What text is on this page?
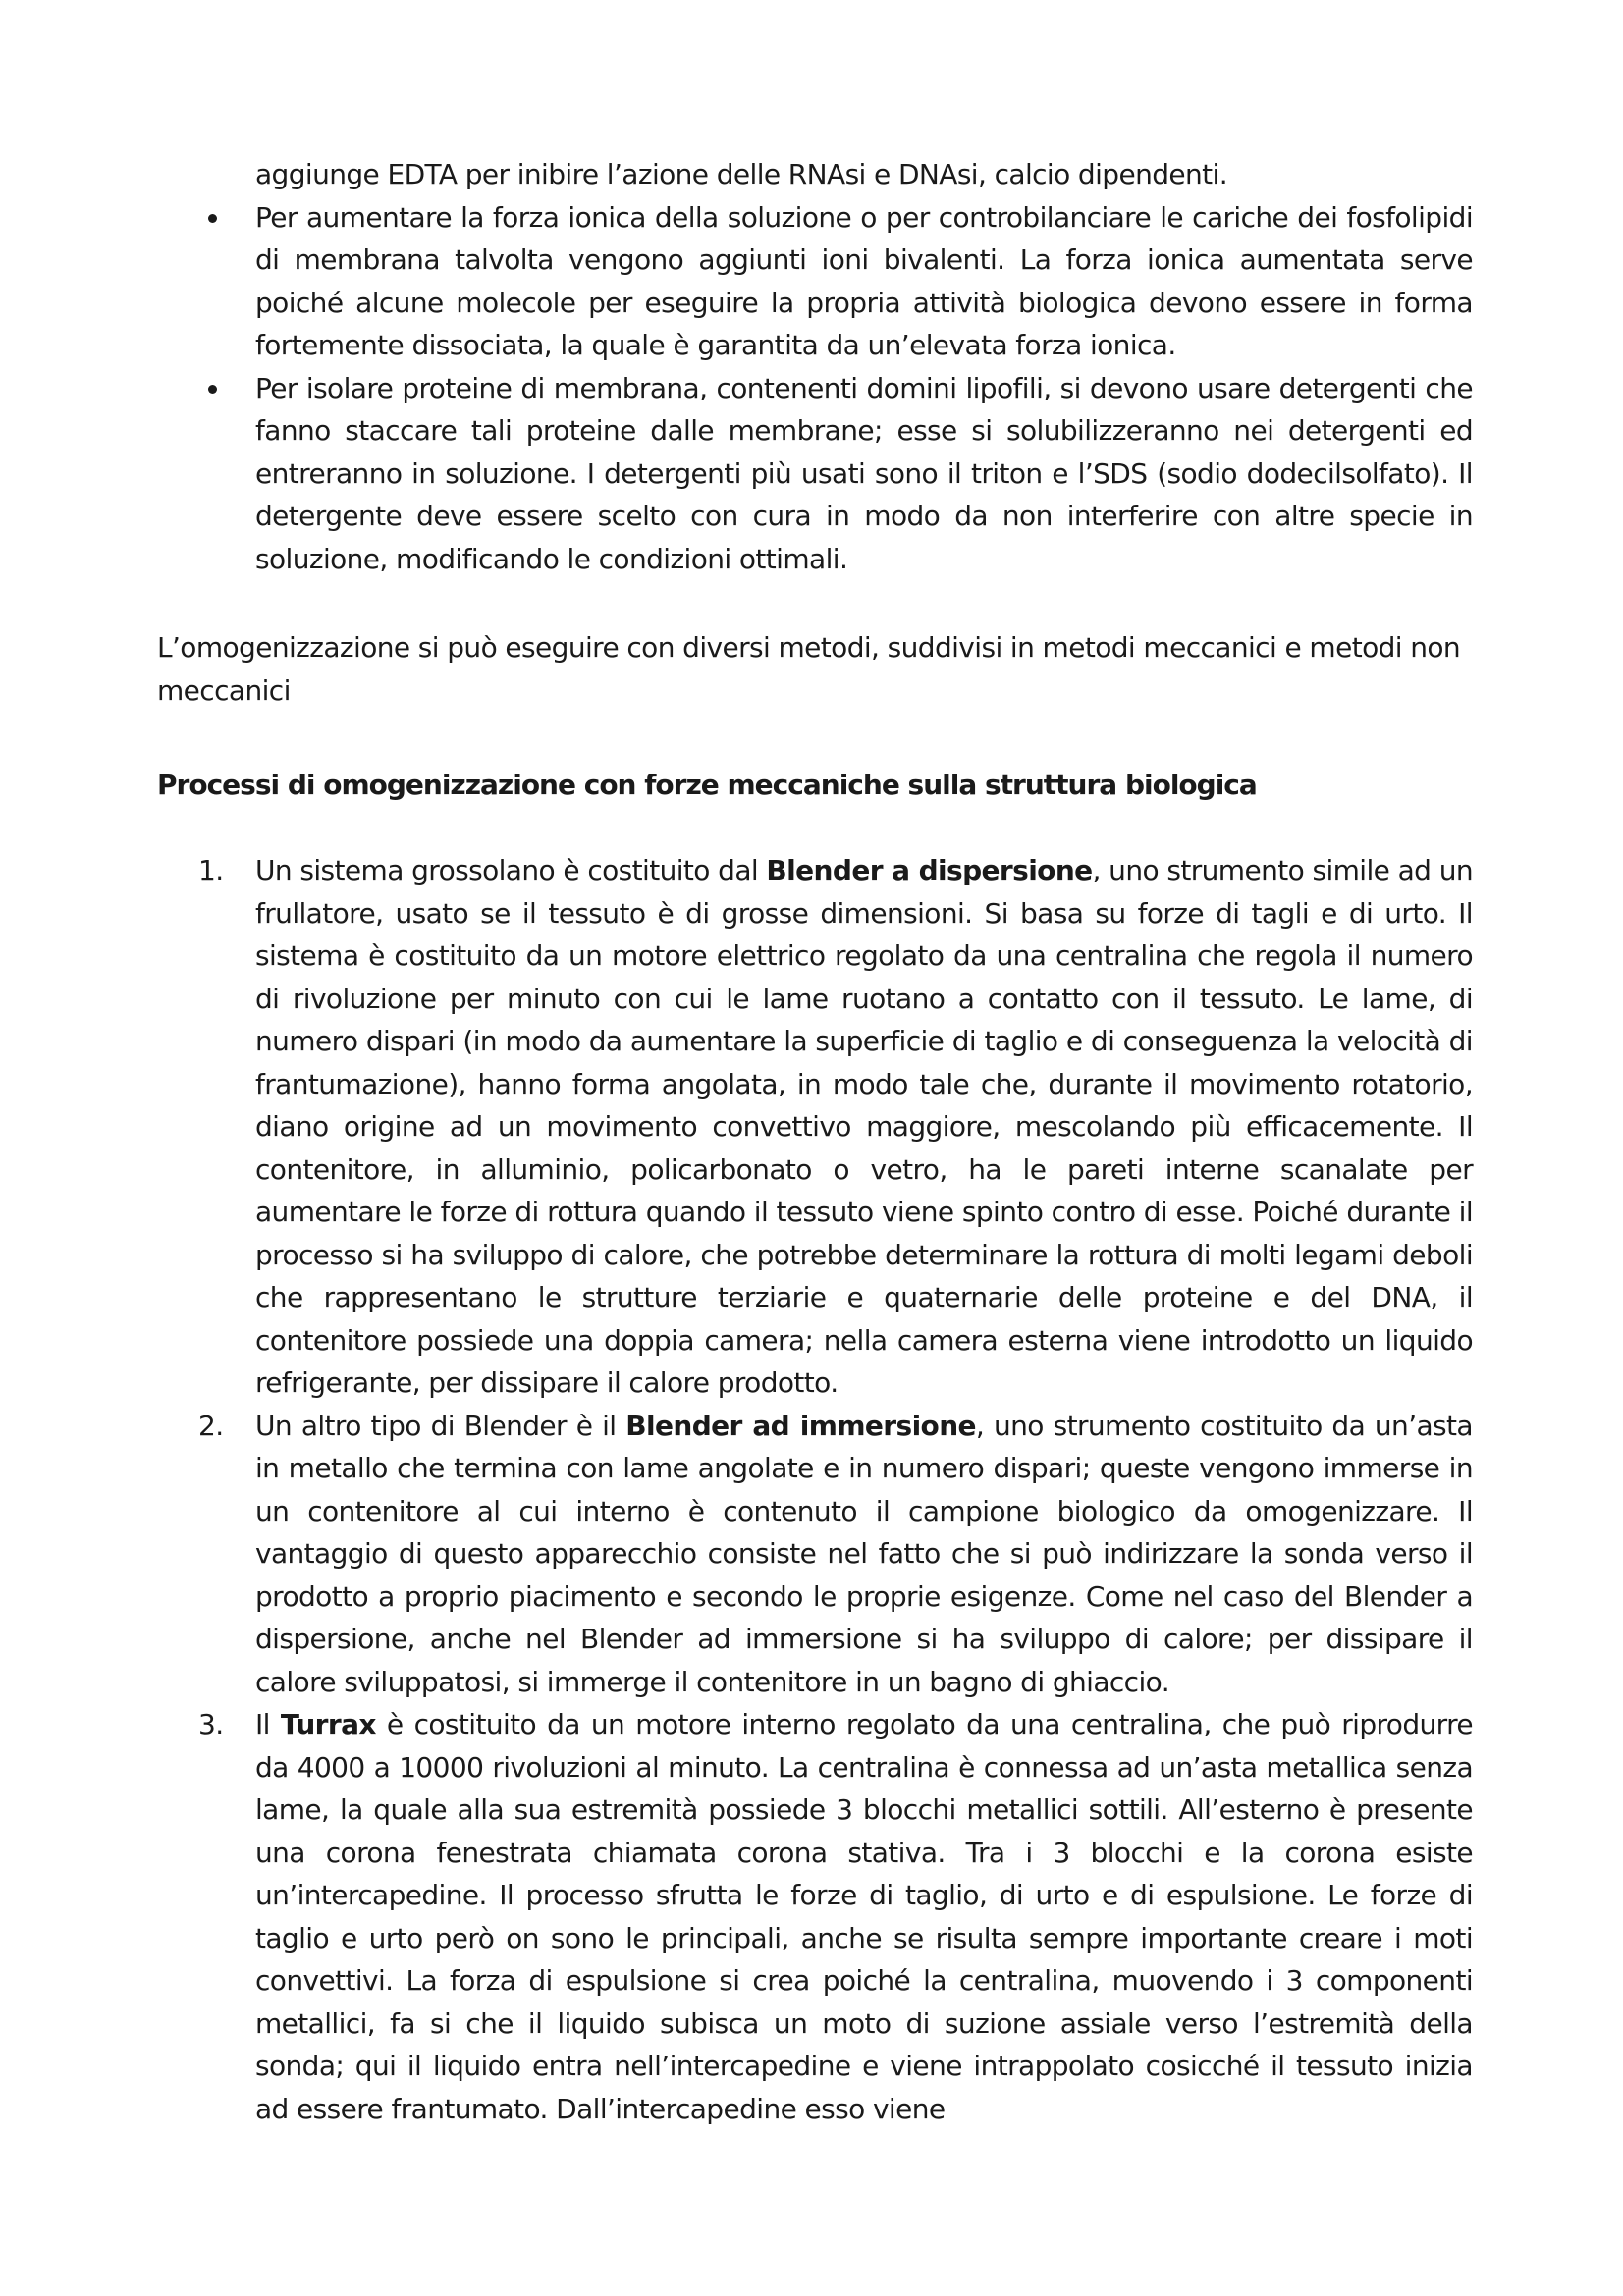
aggiunge EDTA per inibire l’azione delle RNAsi e DNAsi, calcio dipendenti.
Per aumentare la forza ionica della soluzione o per controbilanciare le cariche dei fosfolipidi di membrana talvolta vengono aggiunti ioni bivalenti. La forza ionica aumentata serve poiché alcune molecole per eseguire la propria attività biologica devono essere in forma fortemente dissociata, la quale è garantita da un’elevata forza ionica.
Per isolare proteine di membrana, contenenti domini lipofili, si devono usare detergenti che fanno staccare tali proteine dalle membrane; esse si solubilizzeranno nei detergenti ed entreranno in soluzione. I detergenti più usati sono il triton e l’SDS (sodio dodecilsolfato). Il detergente deve essere scelto con cura in modo da non interferire con altre specie in soluzione, modificando le condizioni ottimali.
L’omogenizzazione si può eseguire con diversi metodi, suddivisi in metodi meccanici e metodi non meccanici
Processi di omogenizzazione con forze meccaniche sulla struttura biologica
1. Un sistema grossolano è costituito dal Blender a dispersione, uno strumento simile ad un frullatore, usato se il tessuto è di grosse dimensioni. Si basa su forze di tagli e di urto. Il sistema è costituito da un motore elettrico regolato da una centralina che regola il numero di rivoluzione per minuto con cui le lame ruotano a contatto con il tessuto. Le lame, di numero dispari (in modo da aumentare la superficie di taglio e di conseguenza la velocità di frantumazione), hanno forma angolata, in modo tale che, durante il movimento rotatorio, diano origine ad un movimento convettivo maggiore, mescolando più efficacemente. Il contenitore, in alluminio, policarbonato o vetro, ha le pareti interne scanalate per aumentare le forze di rottura quando il tessuto viene spinto contro di esse. Poiché durante il processo si ha sviluppo di calore, che potrebbe determinare la rottura di molti legami deboli che rappresentano le strutture terziarie e quaternarie delle proteine e del DNA, il contenitore possiede una doppia camera; nella camera esterna viene introdotto un liquido refrigerante, per dissipare il calore prodotto.
2. Un altro tipo di Blender è il Blender ad immersione, uno strumento costituito da un’asta in metallo che termina con lame angolate e in numero dispari; queste vengono immerse in un contenitore al cui interno è contenuto il campione biologico da omogenizzare. Il vantaggio di questo apparecchio consiste nel fatto che si può indirizzare la sonda verso il prodotto a proprio piacimento e secondo le proprie esigenze. Come nel caso del Blender a dispersione, anche nel Blender ad immersione si ha sviluppo di calore; per dissipare il calore sviluppatosi, si immerge il contenitore in un bagno di ghiaccio.
3. Il Turrax è costituito da un motore interno regolato da una centralina, che può riprodurre da 4000 a 10000 rivoluzioni al minuto. La centralina è connessa ad un’asta metallica senza lame, la quale alla sua estremità possiede 3 blocchi metallici sottili. All’esterno è presente una corona fenestrata chiamata corona stativa. Tra i 3 blocchi e la corona esiste un’intercapedine. Il processo sfrutta le forze di taglio, di urto e di espulsione. Le forze di taglio e urto però on sono le principali, anche se risulta sempre importante creare i moti convettivi. La forza di espulsione si crea poiché la centralina, muovendo i 3 componenti metallici, fa si che il liquido subisca un moto di suzione assiale verso l’estremità della sonda; qui il liquido entra nell’intercapedine e viene intrappolato cosicché il tessuto inizia ad essere frantumato. Dall’intercapedine esso viene
